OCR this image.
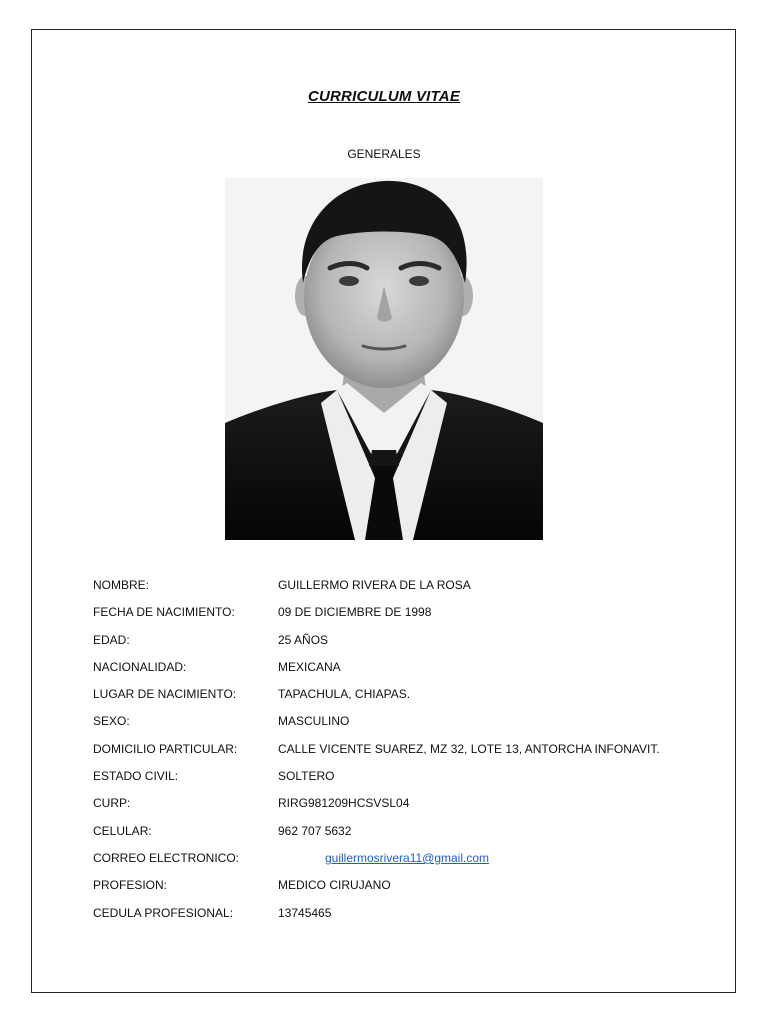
CURRICULUM VITAE
GENERALES
NOMBRE:	GUILLERMO RIVERA DE LA ROSA
FECHA DE NACIMIENTO:	09 DE DICIEMBRE DE 1998
EDAD:	25 AÑOS
NACIONALIDAD:	MEXICANA
LUGAR DE NACIMIENTO:	TAPACHULA, CHIAPAS.
SEXO:	MASCULINO
DOMICILIO PARTICULAR:	CALLE VICENTE SUAREZ, MZ 32, LOTE 13, ANTORCHA INFONAVIT.
ESTADO CIVIL:	SOLTERO
CURP:	RIRG981209HCSVSL04
CELULAR:	962 707 5632
CORREO ELECTRONICO:	guillermosrivera11@gmail.com
PROFESION:	MEDICO CIRUJANO
CEDULA PROFESIONAL:	13745465
